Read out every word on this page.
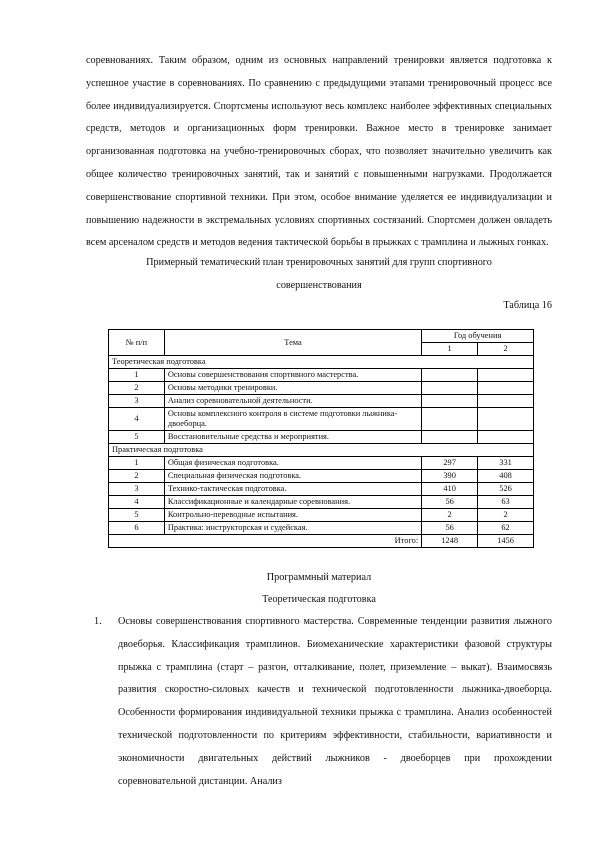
соревнованиях. Таким образом, одним из основных направлений тренировки является подготовка к успешное участие в соревнованиях. По сравнению с предыдущими этапами тренировочный процесс все более индивидуализируется. Спортсмены используют весь комплекс наиболее эффективных специальных средств, методов и организационных форм тренировки. Важное место в тренировке занимает организованная подготовка на учебно-тренировочных сборах, что позволяет значительно увеличить как общее количество тренировочных занятий, так и занятий с повышенными нагрузками. Продолжается совершенствование спортивной техники. При этом, особое внимание уделяется ее индивидуализации и повышению надежности в экстремальных условиях спортивных состязаний. Спортсмен должен овладеть всем арсеналом средств и методов ведения тактической борьбы в прыжках с трамплина и лыжных гонках.

Примерный тематический план тренировочных занятий для групп спортивного
совершенствования
Таблица 16
№ п/п	Тема	Год обучения	
		1	2
Теоретическая подготовка			
1	Основы совершенствования спортивного мастерства.		
2	Основы методики тренировки.		
3	Анализ соревновательной деятельности.		
4	Основы комплексного контроля в системе подготовки лыжника-двоеборца.		
5	Восстановительные средства и мероприятия.		
Практическая подготовка			
1	Общая физическая подготовка.	297	331
2	Специальная физическая подготовка.	390	408
3	Технико-тактическая подготовка.	410	526
4	Классификационные и календарные соревнования.	56	63
5	Контрольно-переводные испытания.	2	2
6	Практика: инструкторская и судейская.	56	62
Итого:		1248	1456
Программный материал
Теоретическая подготовка
1. Основы совершенствования спортивного мастерства. Современные тенденции развития лыжного двоеборья. Классификация трамплинов. Биомеханические характеристики фазовой структуры прыжка с трамплина (старт – разгон, отталкивание, полет, приземление – выкат). Взаимосвязь развития скоростно-силовых качеств и технической подготовленности лыжника-двоеборца. Особенности формирования индивидуальной техники прыжка с трамплина. Анализ особенностей технической подготовленности по критериям эффективности, стабильности, вариативности и экономичности двигательных действий лыжников - двоеборцев при прохождении соревновательной дистанции. Анализ
